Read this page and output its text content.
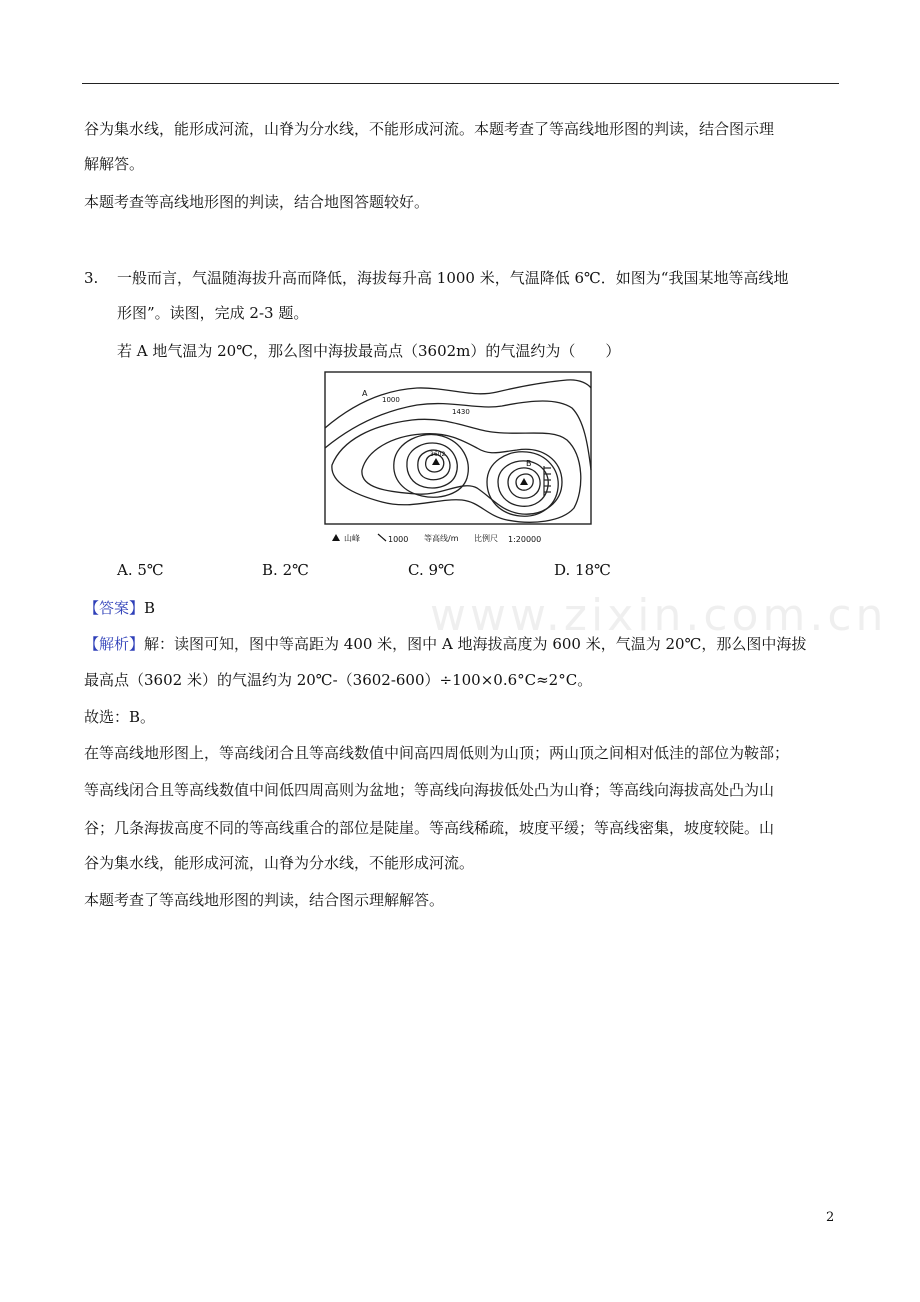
谷为集水线，能形成河流，山脊为分水线，不能形成河流。本题考查了等高线地形图的判读，结合图示理
解解答。
本题考查等高线地形图的判读，结合地图答题较好。
3. 一般而言，气温随海拔升高而降低，海拔每升高 1000 米，气温降低 6℃．如图为“我国某地等高线地
形图”。读图，完成 2-3 题。
若 A 地气温为 20℃，那么图中海拔最高点（3602m）的气温约为（　　）
A
1000
1430
3602
B
山峰	1000 等高线/m 比例尺 1:20000
A. 5℃	B. 2℃	C. 9℃	D. 18℃
www.zixin.com.cn
【答案】B
【解析】解：读图可知，图中等高距为 400 米，图中 A 地海拔高度为 600 米，气温为 20℃，那么图中海拔
最高点（3602 米）的气温约为 20℃-（3602-600）÷100×0.6°C≈2°C。
故选：B。
在等高线地形图上，等高线闭合且等高线数值中间高四周低则为山顶；两山顶之间相对低洼的部位为鞍部；
等高线闭合且等高线数值中间低四周高则为盆地；等高线向海拔低处凸为山脊；等高线向海拔高处凸为山
谷；几条海拔高度不同的等高线重合的部位是陡崖。等高线稀疏，坡度平缓；等高线密集，坡度较陡。山
谷为集水线，能形成河流，山脊为分水线，不能形成河流。
本题考查了等高线地形图的判读，结合图示理解解答。
2
